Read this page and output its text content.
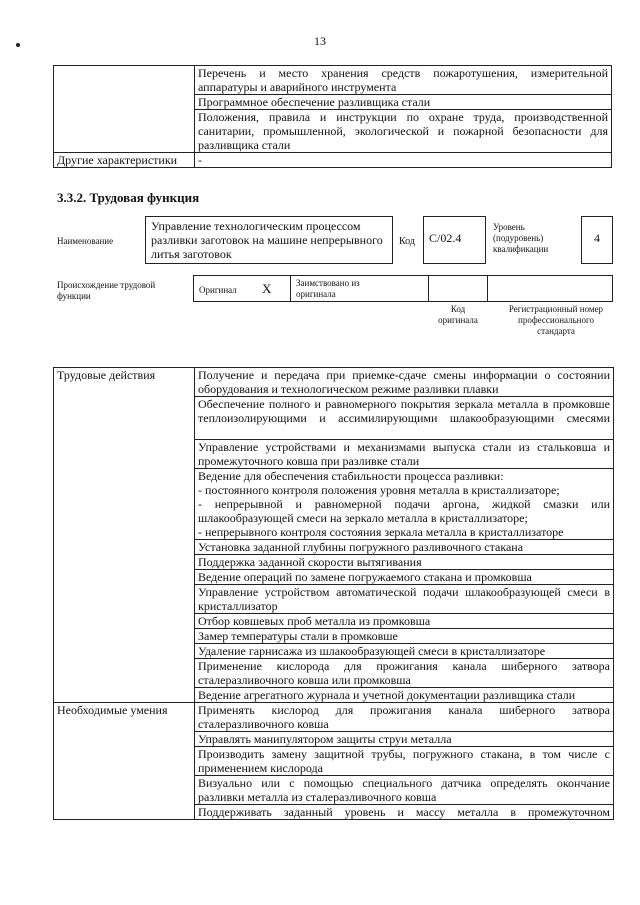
13
	Перечень и место хранения средств пожаротушения, измерительной аппаратуры и аварийного инструмента
	Программное обеспечение разливщика стали
	Положения, правила и инструкции по охране труда, производственной санитарии, промышленной, экологической и пожарной безопасности для разливщика стали
Другие характеристики	-
3.3.2. Трудовая функция
Наименование
Управление технологическим процессом разливки заготовок на машине непрерывного литья заготовок
Код	С/02.4
Уровень (подуровень) квалификации
4
Происхождение трудовой функции
Оригинал Х	Заимствовано из оригинала
Код оригинала
Регистрационный номер профессионального стандарта
Трудовые действия	Получение и передача при приемке-сдаче смены информации о состоянии оборудования и технологическом режиме разливки плавки
	Обеспечение полного и равномерного покрытия зеркала металла в промковше теплоизолирующими и ассимилирующими шлакообразующими смесями
	Управление устройствами и механизмами выпуска стали из стальковша и промежуточного ковша при разливке стали

	Ведение для обеспечения стабильности процесса разливки:
- постоянного контроля положения уровня металла в кристаллизаторе;
- непрерывной и равномерной подачи аргона, жидкой смазки или шлакообразующей смеси на зеркало металла в кристаллизаторе;
- непрерывного контроля состояния зеркала металла в кристаллизаторе

	Установка заданной глубины погружного разливочного стакана
	Поддержка заданной скорости вытягивания
	Ведение операций по замене погружаемого стакана и промковша
	Управление устройством автоматической подачи шлакообразующей смеси в кристаллизатор
	Отбор ковшевых проб металла из промковша
	Замер температуры стали в промковше
	Удаление гарнисажа из шлакообразующей смеси в кристаллизаторе
	Применение кислорода для прожигания канала шиберного затвора сталеразливочного ковша или промковша
	Ведение агрегатного журнала и учетной документации разливщика стали
Необходимые умения	Применять кислород для прожигания канала шиберного затвора сталеразливочного ковша
	Управлять манипулятором защиты струи металла
	Производить замену защитной трубы, погружного стакана, в том числе с применением кислорода
	Визуально или с помощью специального датчика определять окончание разливки металла из сталеразливочного ковша
	Поддерживать заданный уровень и массу металла в промежуточном
